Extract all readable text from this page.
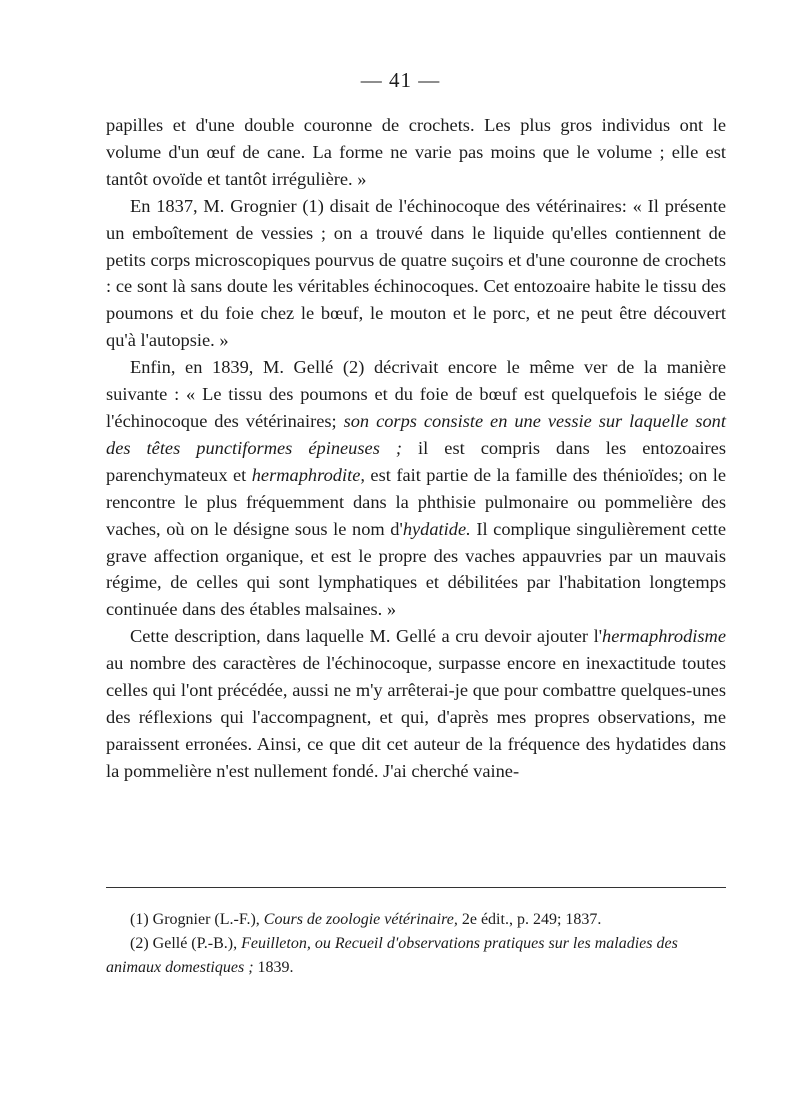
— 41 —

papilles et d'une double couronne de crochets. Les plus gros individus ont le volume d'un œuf de cane. La forme ne varie pas moins que le volume ; elle est tantôt ovoïde et tantôt irrégulière. »

En 1837, M. Grognier (1) disait de l'échinocoque des vétérinaires: « Il présente un emboîtement de vessies ; on a trouvé dans le liquide qu'elles contiennent de petits corps microscopiques pourvus de quatre suçoirs et d'une couronne de crochets : ce sont là sans doute les véritables échinocoques. Cet entozoaire habite le tissu des poumons et du foie chez le bœuf, le mouton et le porc, et ne peut être découvert qu'à l'autopsie. »

Enfin, en 1839, M. Gellé (2) décrivait encore le même ver de la manière suivante : « Le tissu des poumons et du foie de bœuf est quelquefois le siége de l'échinocoque des vétérinaires; son corps consiste en une vessie sur laquelle sont des têtes punctiformes épineuses ; il est compris dans les entozoaires parenchymateux et hermaphrodite, est fait partie de la famille des thénioïdes; on le rencontre le plus fréquemment dans la phthisie pulmonaire ou pommelière des vaches, où on le désigne sous le nom d'hydatide. Il complique singulièrement cette grave affection organique, et est le propre des vaches appauvries par un mauvais régime, de celles qui sont lymphatiques et débilitées par l'habitation longtemps continuée dans des étables malsaines. »

Cette description, dans laquelle M. Gellé a cru devoir ajouter l'hermaphrodisme au nombre des caractères de l'échinocoque, surpasse encore en inexactitude toutes celles qui l'ont précédée, aussi ne m'y arrêterai-je que pour combattre quelques-unes des réflexions qui l'accompagnent, et qui, d'après mes propres observations, me paraissent erronées. Ainsi, ce que dit cet auteur de la fréquence des hydatides dans la pommelière n'est nullement fondé. J'ai cherché vaine-

(1) Grognier (L.-F.), Cours de zoologie vétérinaire, 2e édit., p. 249; 1837.

(2) Gellé (P.-B.), Feuilleton, ou Recueil d'observations pratiques sur les maladies des animaux domestiques ; 1839.
